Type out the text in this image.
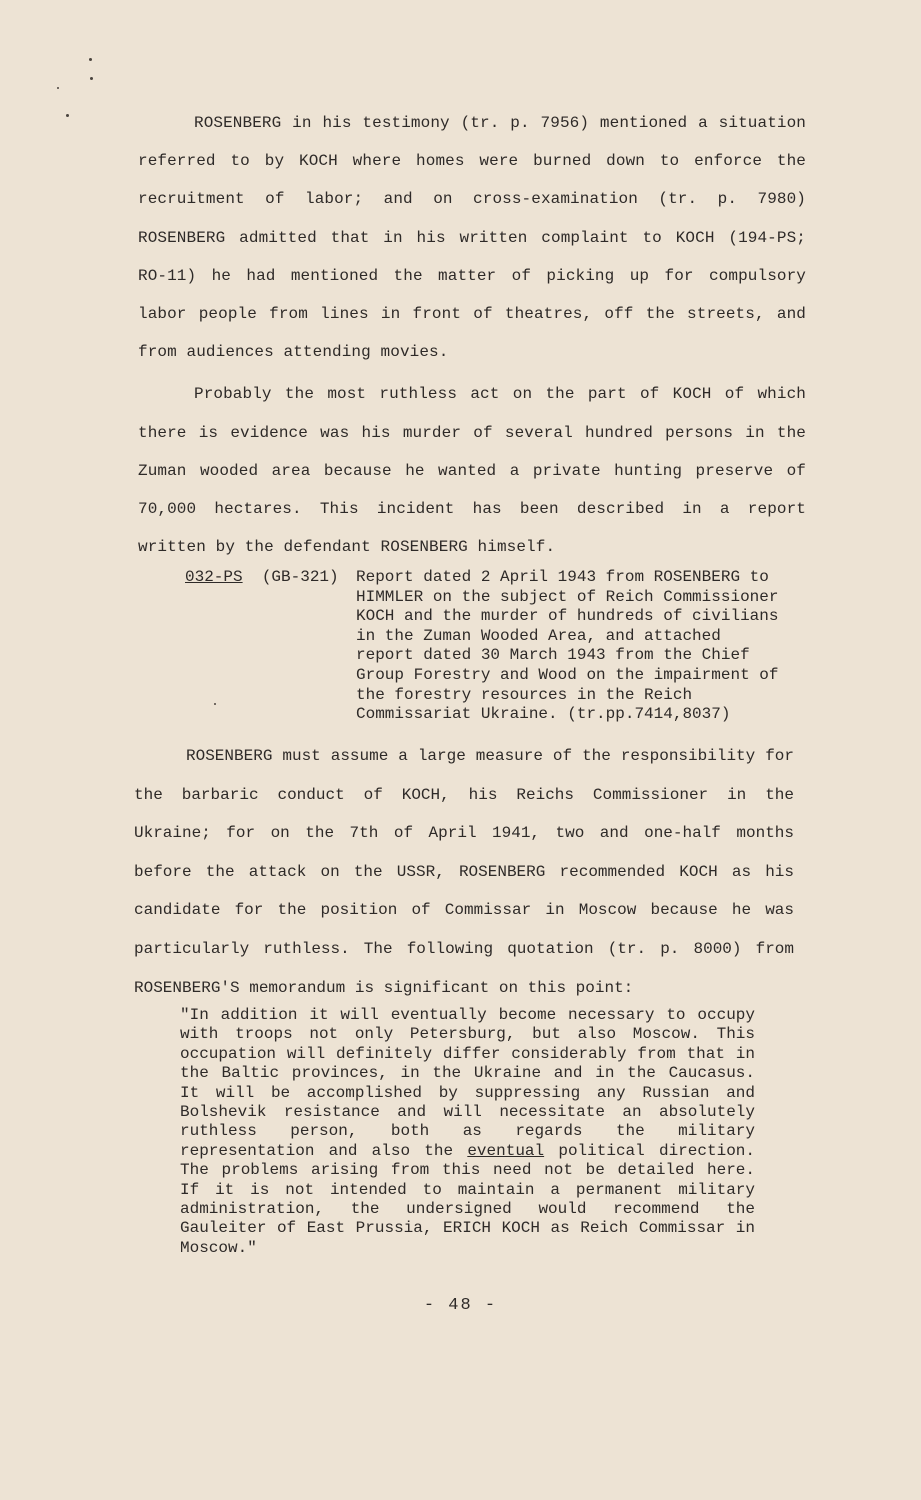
ROSENBERG in his testimony (tr. p. 7956) mentioned a situation referred to by KOCH where homes were burned down to enforce the recruitment of labor; and on cross-examination (tr. p. 7980) ROSENBERG admitted that in his written complaint to KOCH (194-PS; RO-11) he had mentioned the matter of picking up for compulsory labor people from lines in front of theatres, off the streets, and from audiences attending movies.

Probably the most ruthless act on the part of KOCH of which there is evidence was his murder of several hundred persons in the Zuman wooded area because he wanted a private hunting preserve of 70,000 hectares. This incident has been described in a report written by the defendant ROSENBERG himself.

032-PS (GB-321)	Report dated 2 April 1943 from ROSENBERG to HIMMLER on the subject of Reich Commissioner KOCH and the murder of hundreds of civilians in the Zuman Wooded Area, and attached report dated 30 March 1943 from the Chief Group Forestry and Wood on the impairment of the forestry resources in the Reich Commissariat Ukraine. (tr.pp.7414,8037)

ROSENBERG must assume a large measure of the responsibility for the barbaric conduct of KOCH, his Reichs Commissioner in the Ukraine; for on the 7th of April 1941, two and one-half months before the attack on the USSR, ROSENBERG recommended KOCH as his candidate for the position of Commissar in Moscow because he was particularly ruthless. The following quotation (tr. p. 8000) from ROSENBERG'S memorandum is significant on this point:

"In addition it will eventually become necessary to occupy with troops not only Petersburg, but also Moscow. This occupation will definitely differ considerably from that in the Baltic provinces, in the Ukraine and in the Caucasus. It will be accomplished by suppressing any Russian and Bolshevik resistance and will necessitate an absolutely ruthless person, both as regards the military representation and also the eventual political direction. The problems arising from this need not be detailed here. If it is not intended to maintain a permanent military administration, the undersigned would recommend the Gauleiter of East Prussia, ERICH KOCH as Reich Commissar in Moscow."
- 48 -
